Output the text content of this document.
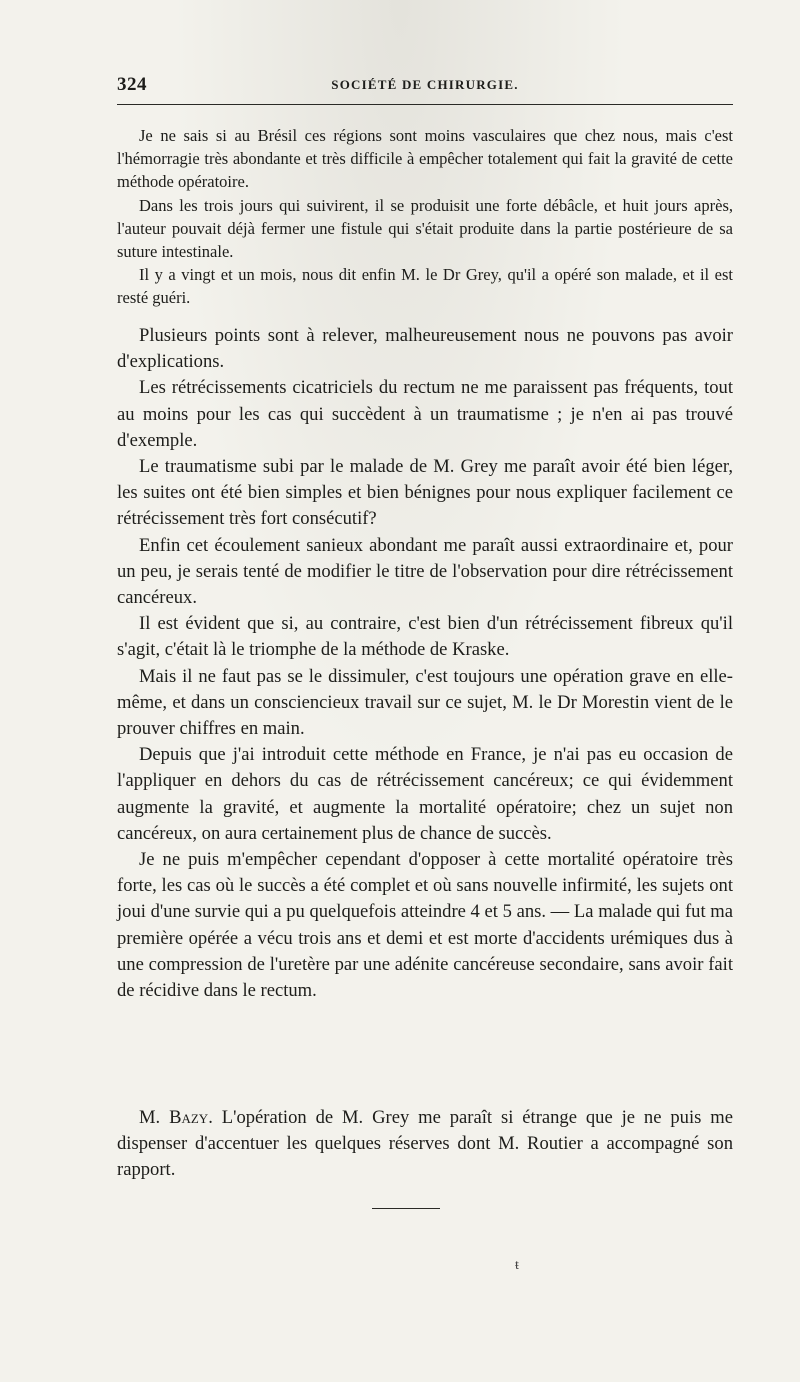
324	SOCIÉTÉ DE CHIRURGIE.

Je ne sais si au Brésil ces régions sont moins vasculaires que chez nous, mais c'est l'hémorragie très abondante et très difficile à empêcher totalement qui fait la gravité de cette méthode opératoire.

Dans les trois jours qui suivirent, il se produisit une forte débâcle, et huit jours après, l'auteur pouvait déjà fermer une fistule qui s'était produite dans la partie postérieure de sa suture intestinale.

Il y a vingt et un mois, nous dit enfin M. le Dr Grey, qu'il a opéré son malade, et il est resté guéri.

Plusieurs points sont à relever, malheureusement nous ne pouvons pas avoir d'explications.

Les rétrécissements cicatriciels du rectum ne me paraissent pas fréquents, tout au moins pour les cas qui succèdent à un traumatisme ; je n'en ai pas trouvé d'exemple.

Le traumatisme subi par le malade de M. Grey me paraît avoir été bien léger, les suites ont été bien simples et bien bénignes pour nous expliquer facilement ce rétrécissement très fort consécutif?

Enfin cet écoulement sanieux abondant me paraît aussi extraordinaire et, pour un peu, je serais tenté de modifier le titre de l'observation pour dire rétrécissement cancéreux.

Il est évident que si, au contraire, c'est bien d'un rétrécissement fibreux qu'il s'agit, c'était là le triomphe de la méthode de Kraske.

Mais il ne faut pas se le dissimuler, c'est toujours une opération grave en elle-même, et dans un consciencieux travail sur ce sujet, M. le Dr Morestin vient de le prouver chiffres en main.

Depuis que j'ai introduit cette méthode en France, je n'ai pas eu occasion de l'appliquer en dehors du cas de rétrécissement cancéreux; ce qui évidemment augmente la gravité, et augmente la mortalité opératoire; chez un sujet non cancéreux, on aura certainement plus de chance de succès.

Je ne puis m'empêcher cependant d'opposer à cette mortalité opératoire très forte, les cas où le succès a été complet et où sans nouvelle infirmité, les sujets ont joui d'une survie qui a pu quelquefois atteindre 4 et 5 ans. — La malade qui fut ma première opérée a vécu trois ans et demi et est morte d'accidents urémiques dus à une compression de l'uretère par une adénite cancéreuse secondaire, sans avoir fait de récidive dans le rectum.

M. Bazy. L'opération de M. Grey me paraît si étrange que je ne puis me dispenser d'accentuer les quelques réserves dont M. Routier a accompagné son rapport.

ŧ
